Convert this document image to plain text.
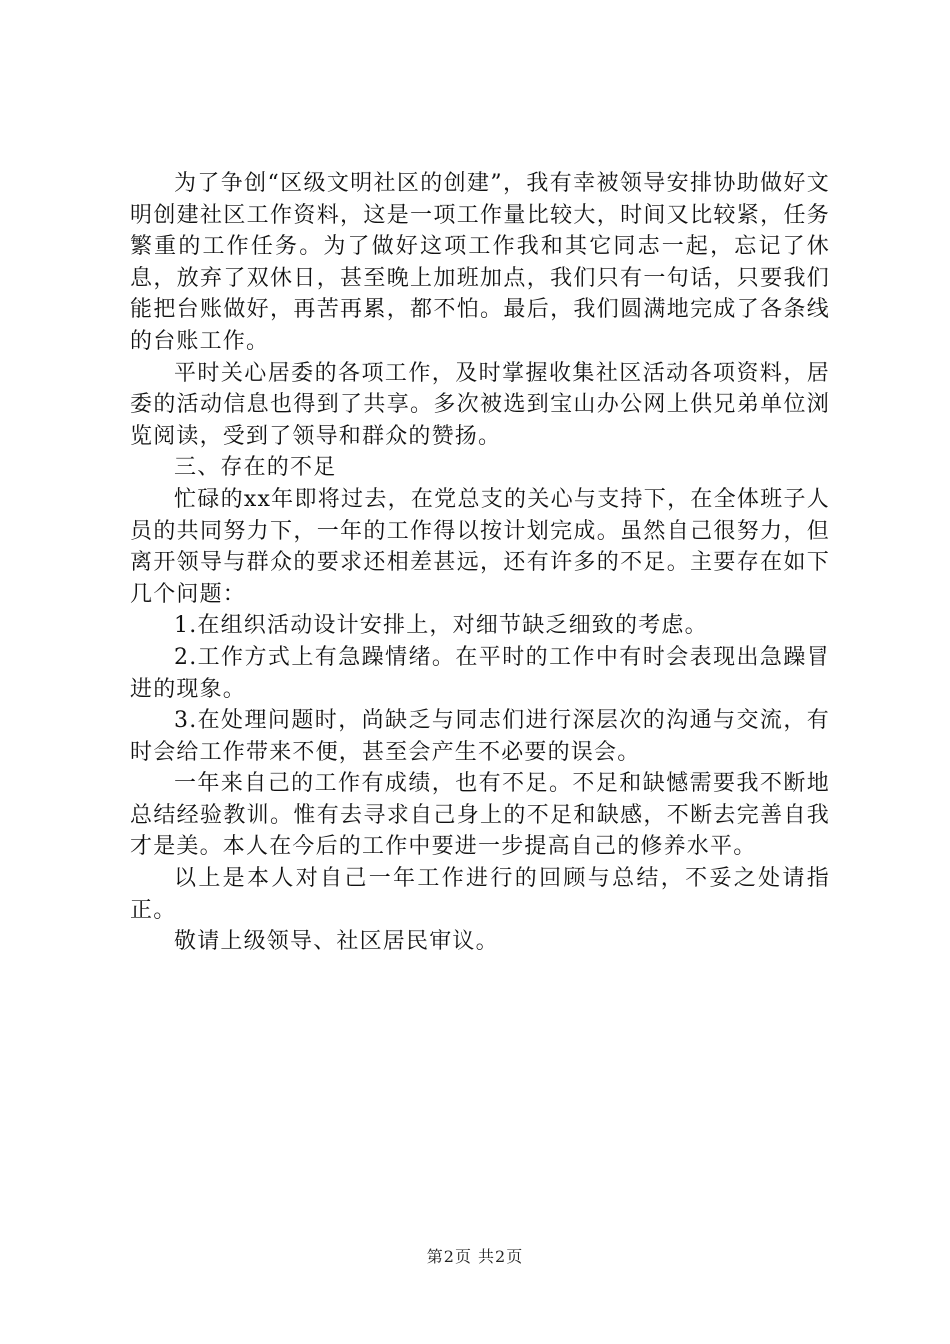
为了争创“区级文明社区的创建”，我有幸被领导安排协助做好文明创建社区工作资料，这是一项工作量比较大，时间又比较紧，任务繁重的工作任务。为了做好这项工作我和其它同志一起，忘记了休息，放弃了双休日，甚至晚上加班加点，我们只有一句话，只要我们能把台账做好，再苦再累，都不怕。最后，我们圆满地完成了各条线的台账工作。

平时关心居委的各项工作，及时掌握收集社区活动各项资料，居委的活动信息也得到了共享。多次被选到宝山办公网上供兄弟单位浏览阅读，受到了领导和群众的赞扬。

三、存在的不足

忙碌的xx年即将过去，在党总支的关心与支持下，在全体班子人员的共同努力下，一年的工作得以按计划完成。虽然自己很努力，但离开领导与群众的要求还相差甚远，还有许多的不足。主要存在如下几个问题：

1.在组织活动设计安排上，对细节缺乏细致的考虑。

2.工作方式上有急躁情绪。在平时的工作中有时会表现出急躁冒进的现象。

3.在处理问题时，尚缺乏与同志们进行深层次的沟通与交流，有时会给工作带来不便，甚至会产生不必要的误会。

一年来自己的工作有成绩，也有不足。不足和缺憾需要我不断地总结经验教训。惟有去寻求自己身上的不足和缺感，不断去完善自我才是美。本人在今后的工作中要进一步提高自己的修养水平。

以上是本人对自己一年工作进行的回顾与总结，不妥之处请指正。

敬请上级领导、社区居民审议。

第2页 共2页
